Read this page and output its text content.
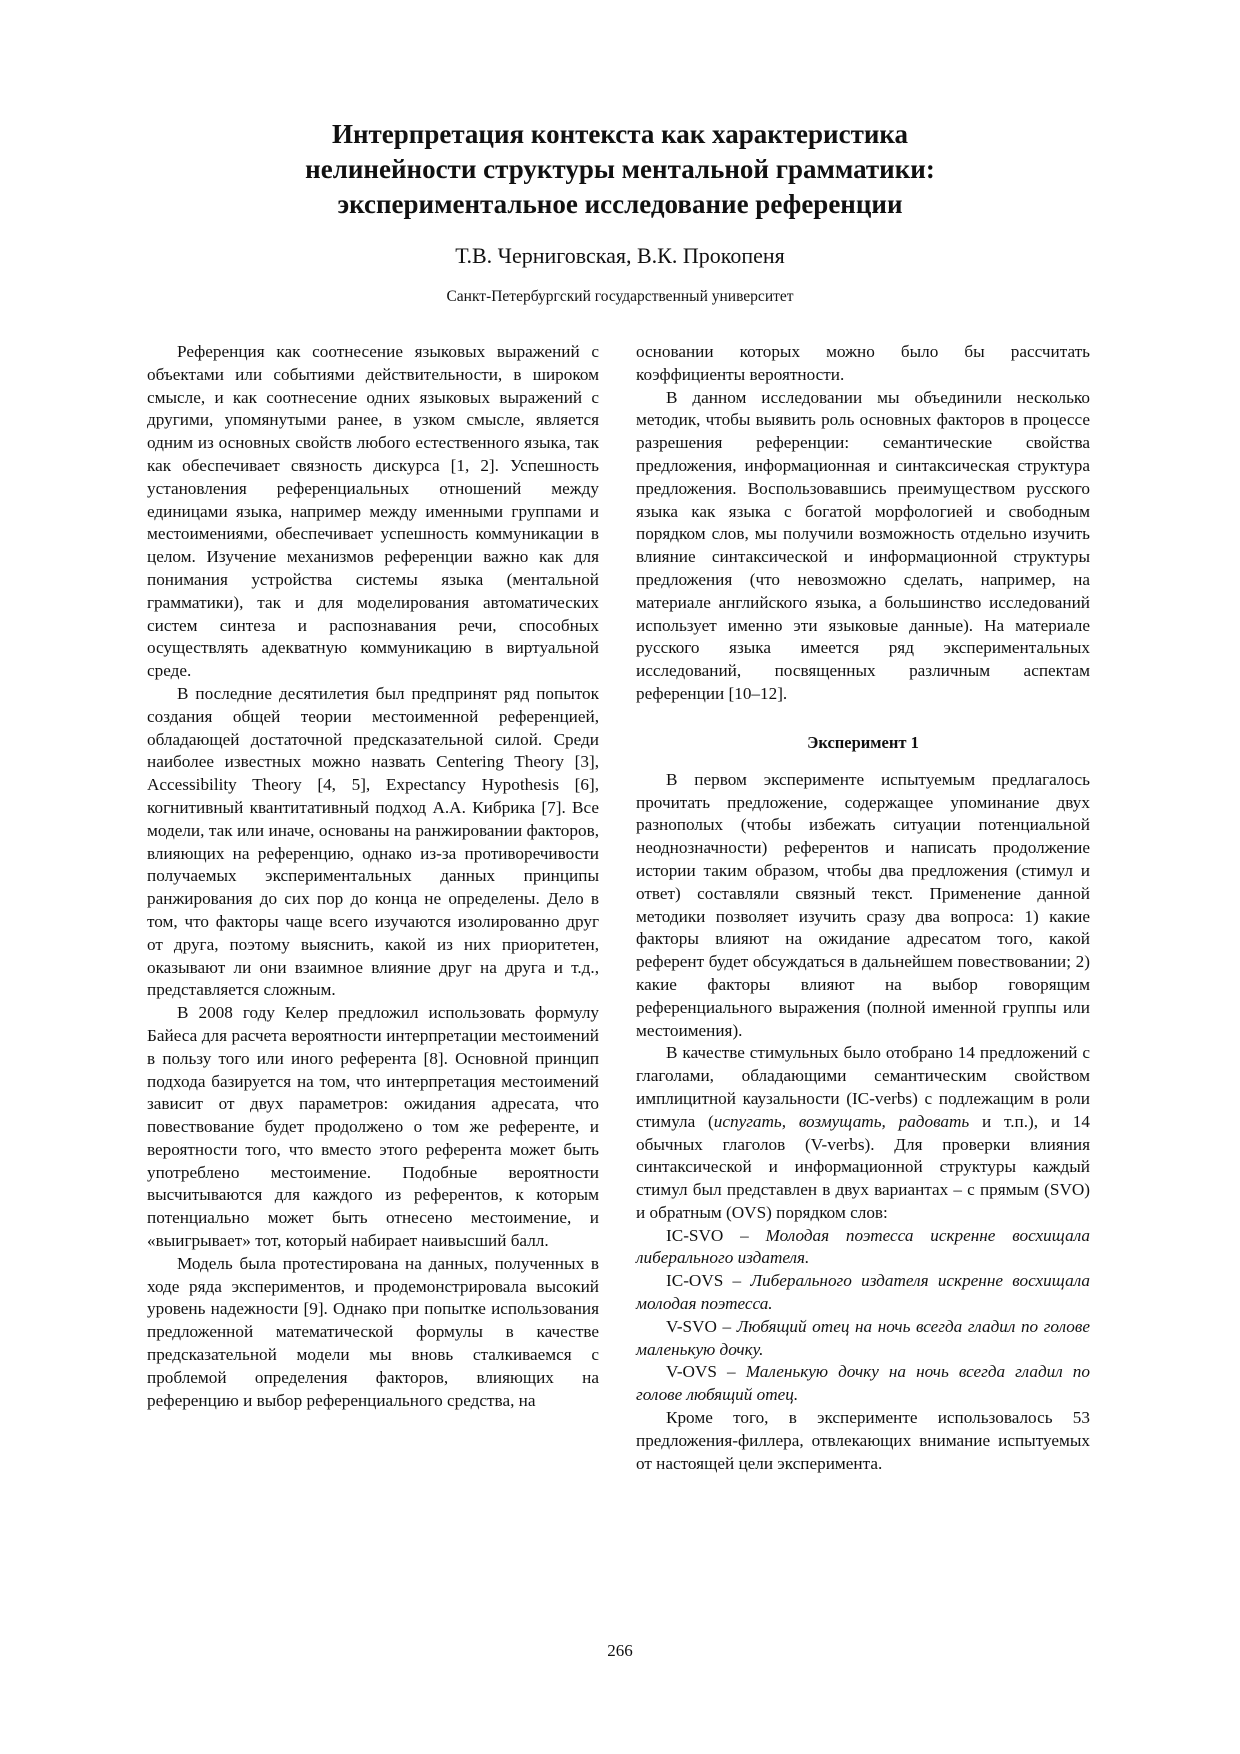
Интерпретация контекста как характеристика
нелинейности структуры ментальной грамматики:
экспериментальное исследование референции
Т.В. Черниговская, В.К. Прокопеня
Санкт-Петербургский государственный университет

Референция как соотнесение языковых выражений с объектами или событиями действительности, в широком смысле, и как соотнесение одних языковых выражений с другими, упомянутыми ранее, в узком смысле, является одним из основных свойств любого естественного языка, так как обеспечивает связность дискурса [1, 2]. Успешность установления референциальных отношений между единицами языка, например между именными группами и местоимениями, обеспечивает успешность коммуникации в целом. Изучение механизмов референции важно как для понимания устройства системы языка (ментальной грамматики), так и для моделирования автоматических систем синтеза и распознавания речи, способных осуществлять адекватную коммуникацию в виртуальной среде.

В последние десятилетия был предпринят ряд попыток создания общей теории местоименной референцией, обладающей достаточной предсказательной силой. Среди наиболее известных можно назвать Centering Theory [3], Accessibility Theory [4, 5], Expectancy Hypothesis [6], когнитивный квантитативный подход А.А. Кибрика [7]. Все модели, так или иначе, основаны на ранжировании факторов, влияющих на референцию, однако из-за противоречивости получаемых экспериментальных данных принципы ранжирования до сих пор до конца не определены. Дело в том, что факторы чаще всего изучаются изолированно друг от друга, поэтому выяснить, какой из них приоритетен, оказывают ли они взаимное влияние друг на друга и т.д., представляется сложным.

В 2008 году Келер предложил использовать формулу Байеса для расчета вероятности интерпретации местоимений в пользу того или иного референта [8]. Основной принцип подхода базируется на том, что интерпретация местоимений зависит от двух параметров: ожидания адресата, что повествование будет продолжено о том же референте, и вероятности того, что вместо этого референта может быть употреблено местоимение. Подобные вероятности высчитываются для каждого из референтов, к которым потенциально может быть отнесено местоимение, и «выигрывает» тот, который набирает наивысший балл.

Модель была протестирована на данных, полученных в ходе ряда экспериментов, и продемонстрировала высокий уровень надежности [9]. Однако при попытке использования предложенной математической формулы в качестве предсказательной модели мы вновь сталкиваемся с проблемой определения факторов, влияющих на референцию и выбор референциального средства, на

основании которых можно было бы рассчитать коэффициенты вероятности.

В данном исследовании мы объединили несколько методик, чтобы выявить роль основных факторов в процессе разрешения референции: семантические свойства предложения, информационная и синтаксическая структура предложения. Воспользовавшись преимуществом русского языка как языка с богатой морфологией и свободным порядком слов, мы получили возможность отдельно изучить влияние синтаксической и информационной структуры предложения (что невозможно сделать, например, на материале английского языка, а большинство исследований использует именно эти языковые данные). На материале русского языка имеется ряд экспериментальных исследований, посвященных различным аспектам референции [10–12].

Эксперимент 1

В первом эксперименте испытуемым предлагалось прочитать предложение, содержащее упоминание двух разнополых (чтобы избежать ситуации потенциальной неоднозначности) референтов и написать продолжение истории таким образом, чтобы два предложения (стимул и ответ) составляли связный текст. Применение данной методики позволяет изучить сразу два вопроса: 1) какие факторы влияют на ожидание адресатом того, какой референт будет обсуждаться в дальнейшем повествовании; 2) какие факторы влияют на выбор говорящим референциального выражения (полной именной группы или местоимения).

В качестве стимульных было отобрано 14 предложений с глаголами, обладающими семантическим свойством имплицитной каузальности (IC-verbs) с подлежащим в роли стимула (испугать, возмущать, радовать и т.п.), и 14 обычных глаголов (V-verbs). Для проверки влияния синтаксической и информационной структуры каждый стимул был представлен в двух вариантах – с прямым (SVO) и обратным (OVS) порядком слов:

IC-SVO – Молодая поэтесса искренне восхищала либерального издателя.

IC-OVS – Либерального издателя искренне восхищала молодая поэтесса.

V-SVO – Любящий отец на ночь всегда гладил по голове маленькую дочку.

V-OVS – Маленькую дочку на ночь всегда гладил по голове любящий отец.

Кроме того, в эксперименте использовалось 53 предложения-филлера, отвлекающих внимание испытуемых от настоящей цели эксперимента.

266
